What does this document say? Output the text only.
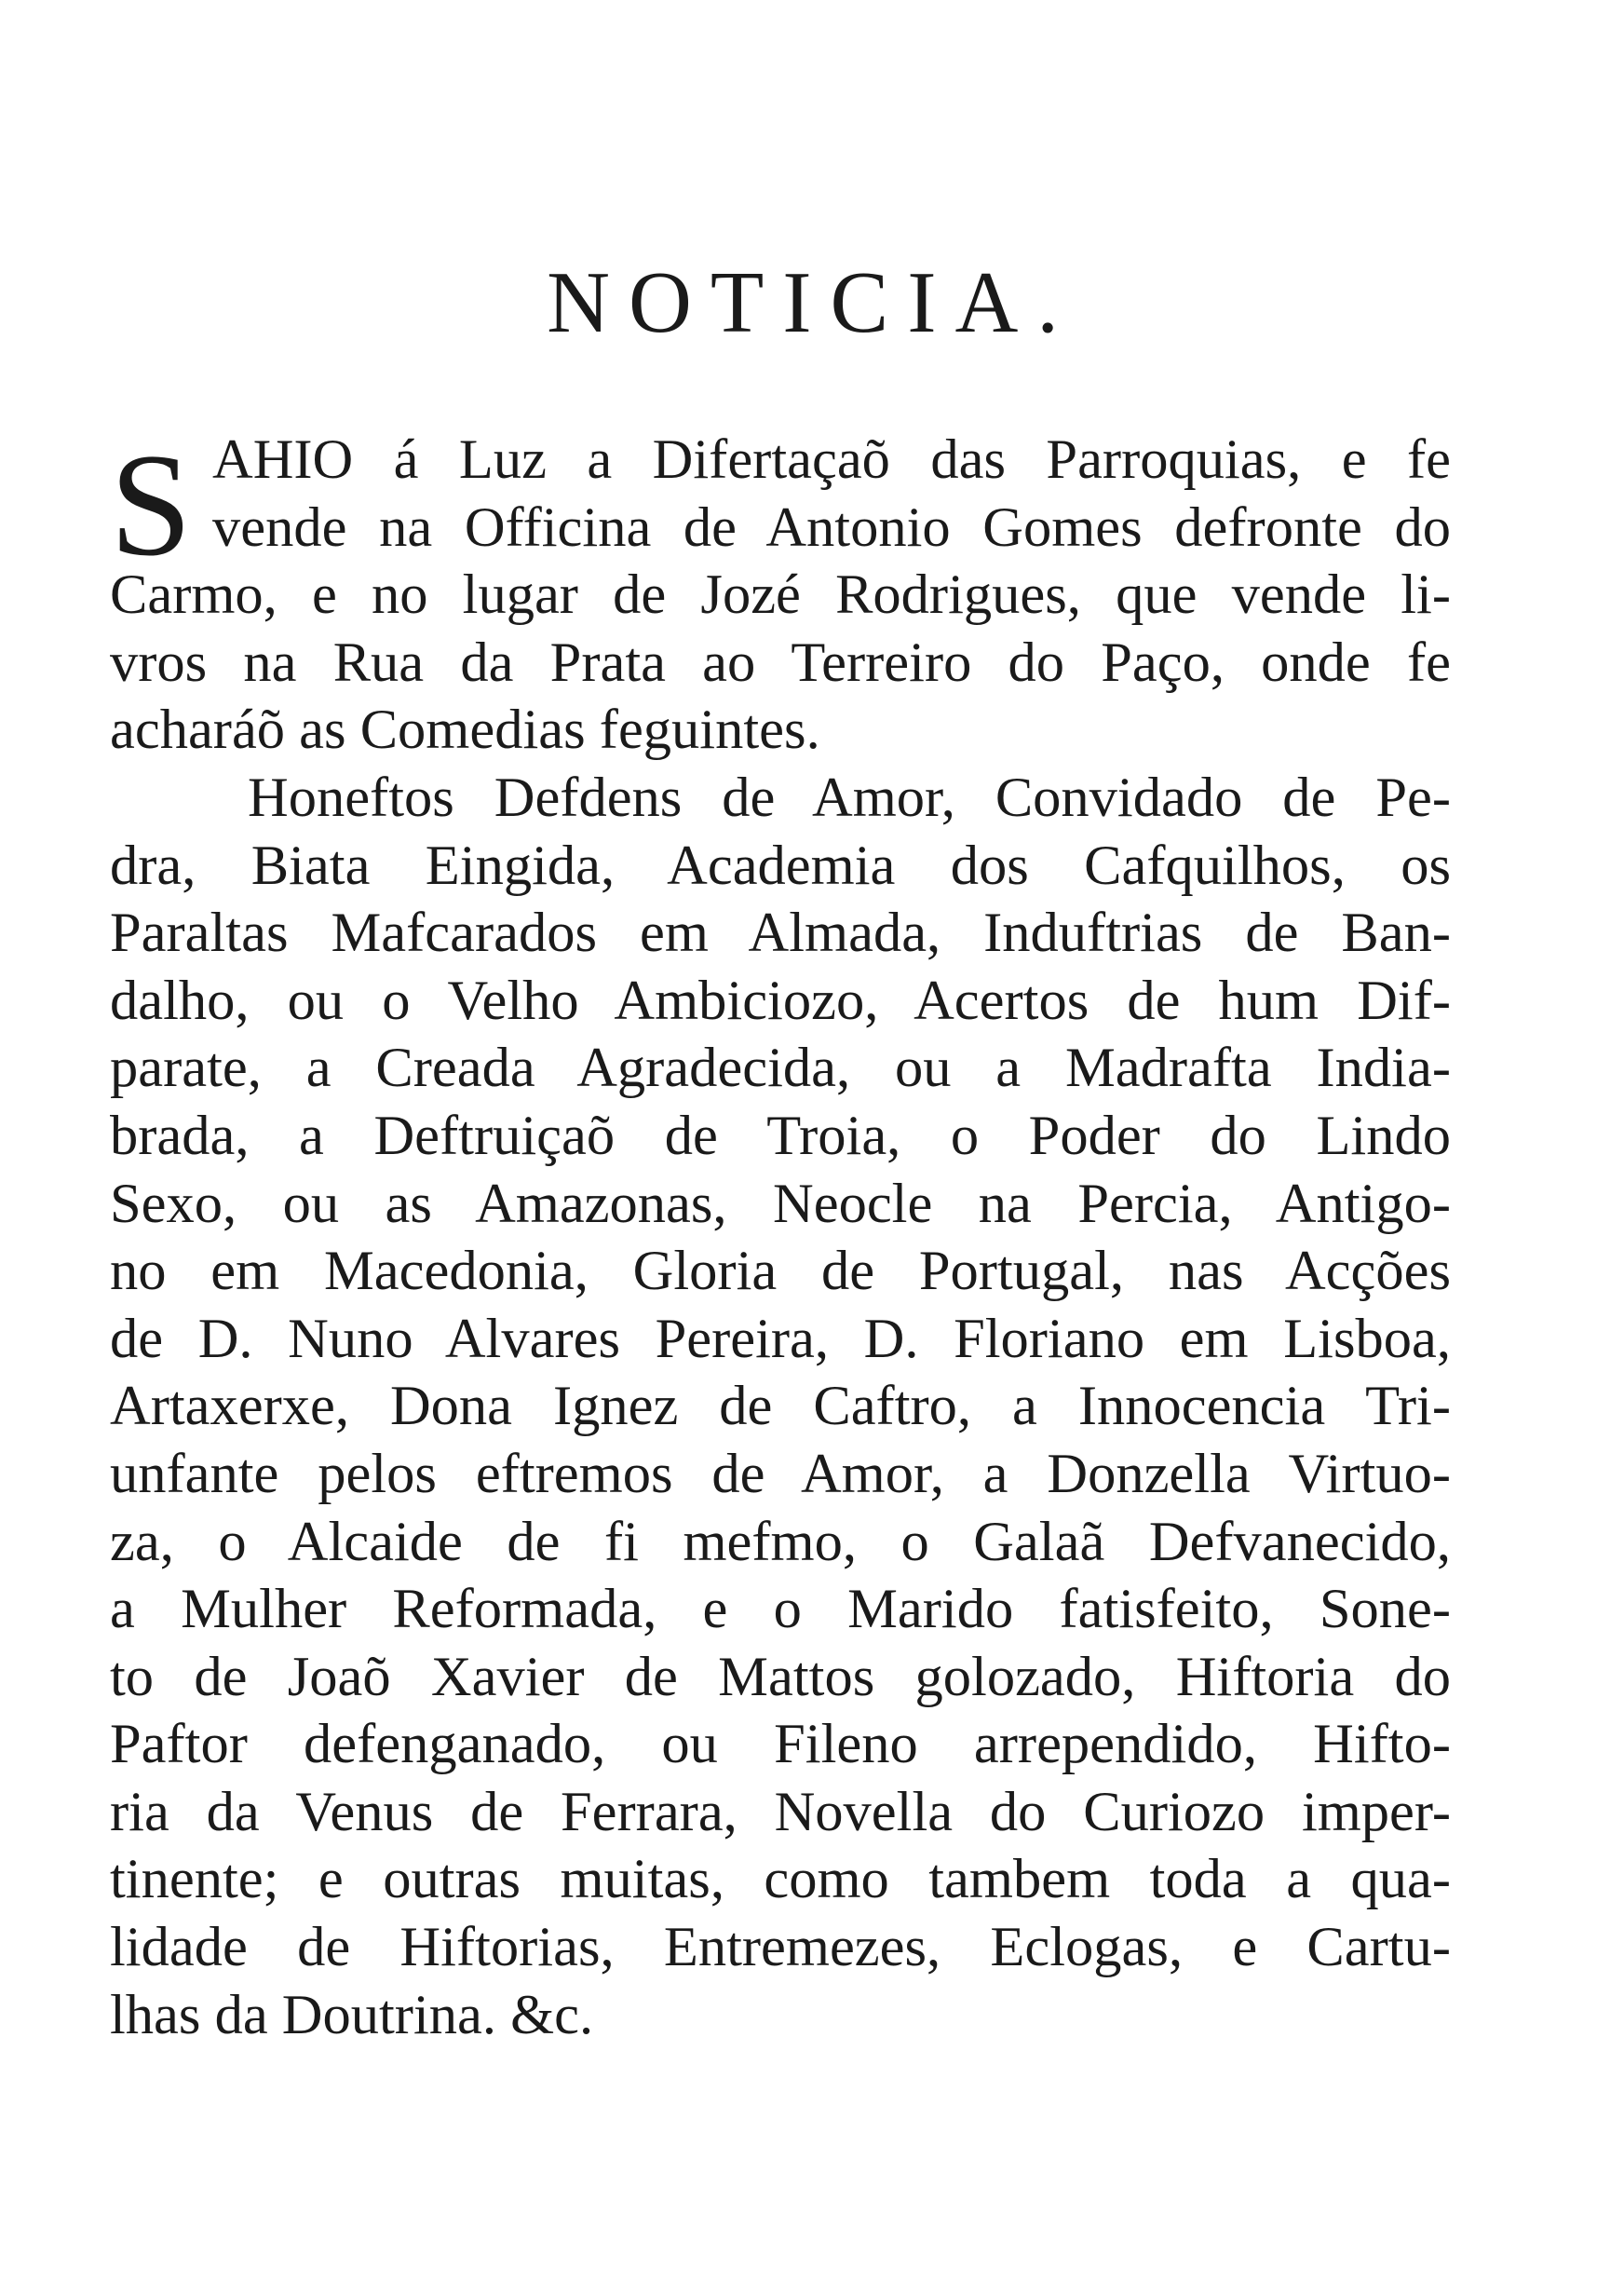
NOTICIA.
S AHIO á Luz a Difertaçaõ das Parroquias, e fe
vende na Officina de Antonio Gomes defronte do
Carmo, e no lugar de Jozé Rodrigues, que vende li-
vros na Rua da Prata ao Terreiro do Paço, onde fe
acharáõ as Comedias feguintes.
Honeftos Defdens de Amor, Convidado de Pe-
dra, Biata Eingida, Academia dos Cafquilhos, os
Paraltas Mafcarados em Almada, Induftrias de Ban-
dalho, ou o Velho Ambiciozo, Acertos de hum Dif-
parate, a Creada Agradecida, ou a Madrafta India-
brada, a Deftruiçaõ de Troia, o Poder do Lindo
Sexo, ou as Amazonas, Neocle na Percia, Antigo-
no em Macedonia, Gloria de Portugal, nas Acções
de D. Nuno Alvares Pereira, D. Floriano em Lisboa,
Artaxerxe, Dona Ignez de Caftro, a Innocencia Tri-
unfante pelos eftremos de Amor, a Donzella Virtuo-
za, o Alcaide de fi mefmo, o Galaã Defvanecido,
a Mulher Reformada, e o Marido fatisfeito, Sone-
to de Joaõ Xavier de Mattos golozado, Hiftoria do
Paftor defenganado, ou Fileno arrependido, Hifto-
ria da Venus de Ferrara, Novella do Curiozo imper-
tinente; e outras muitas, como tambem toda a qua-
lidade de Hiftorias, Entremezes, Eclogas, e Cartu-
lhas da Doutrina. &c.
